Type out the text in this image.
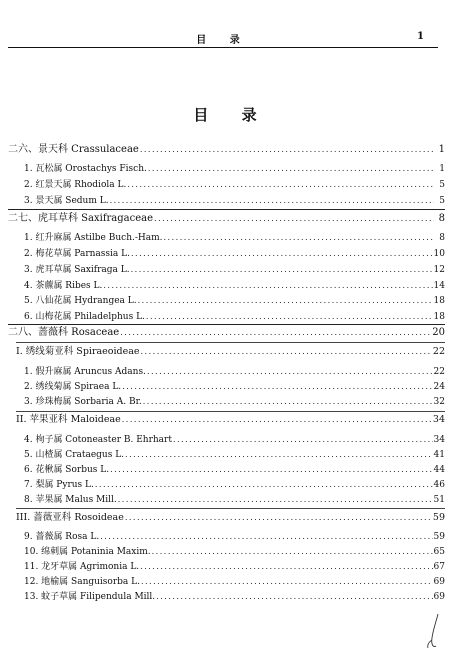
目 录	1
目 录
二六、景天科 Crassulaceae .....	1
1. 瓦松属 Orostachys Fisch. .....	1
2. 红景天属 Rhodiola L. .....	5
3. 景天属 Sedum L. .....	5
二七、虎耳草科 Saxifragaceae .....	8
1. 红升麻属 Astilbe Buch.-Ham. .....	8
2. 梅花草属 Parnassia L. .....	10
3. 虎耳草属 Saxifraga L. .....	12
4. 茶藨属 Ribes L. .....	14
5. 八仙花属 Hydrangea L. .....	18
6. 山梅花属 Philadelphus L. .....	18
二八、蔷薇科 Rosaceae .....	20
I. 绣线菊亚科 Spiraeoideae .....	22
1. 假升麻属 Aruncus Adans. .....	22
2. 绣线菊属 Spiraea L. .....	24
3. 珍珠梅属 Sorbaria A. Br. .....	32
II. 苹果亚科 Maloideae .....	34
4. 栒子属 Cotoneaster B. Ehrhart .....	34
5. 山楂属 Crataegus L. .....	41
6. 花楸属 Sorbus L. .....	44
7. 梨属 Pyrus L. .....	46
8. 苹果属 Malus Mill. .....	51
III. 蔷薇亚科 Rosoideae .....	59
9. 蔷薇属 Rosa L. .....	59
10. 绵刺属 Potaninia Maxim. .....	65
11. 龙牙草属 Agrimonia L. .....	67
12. 地榆属 Sanguisorba L. .....	69
13. 蚊子草属 Filipendula Mill. .....	69
